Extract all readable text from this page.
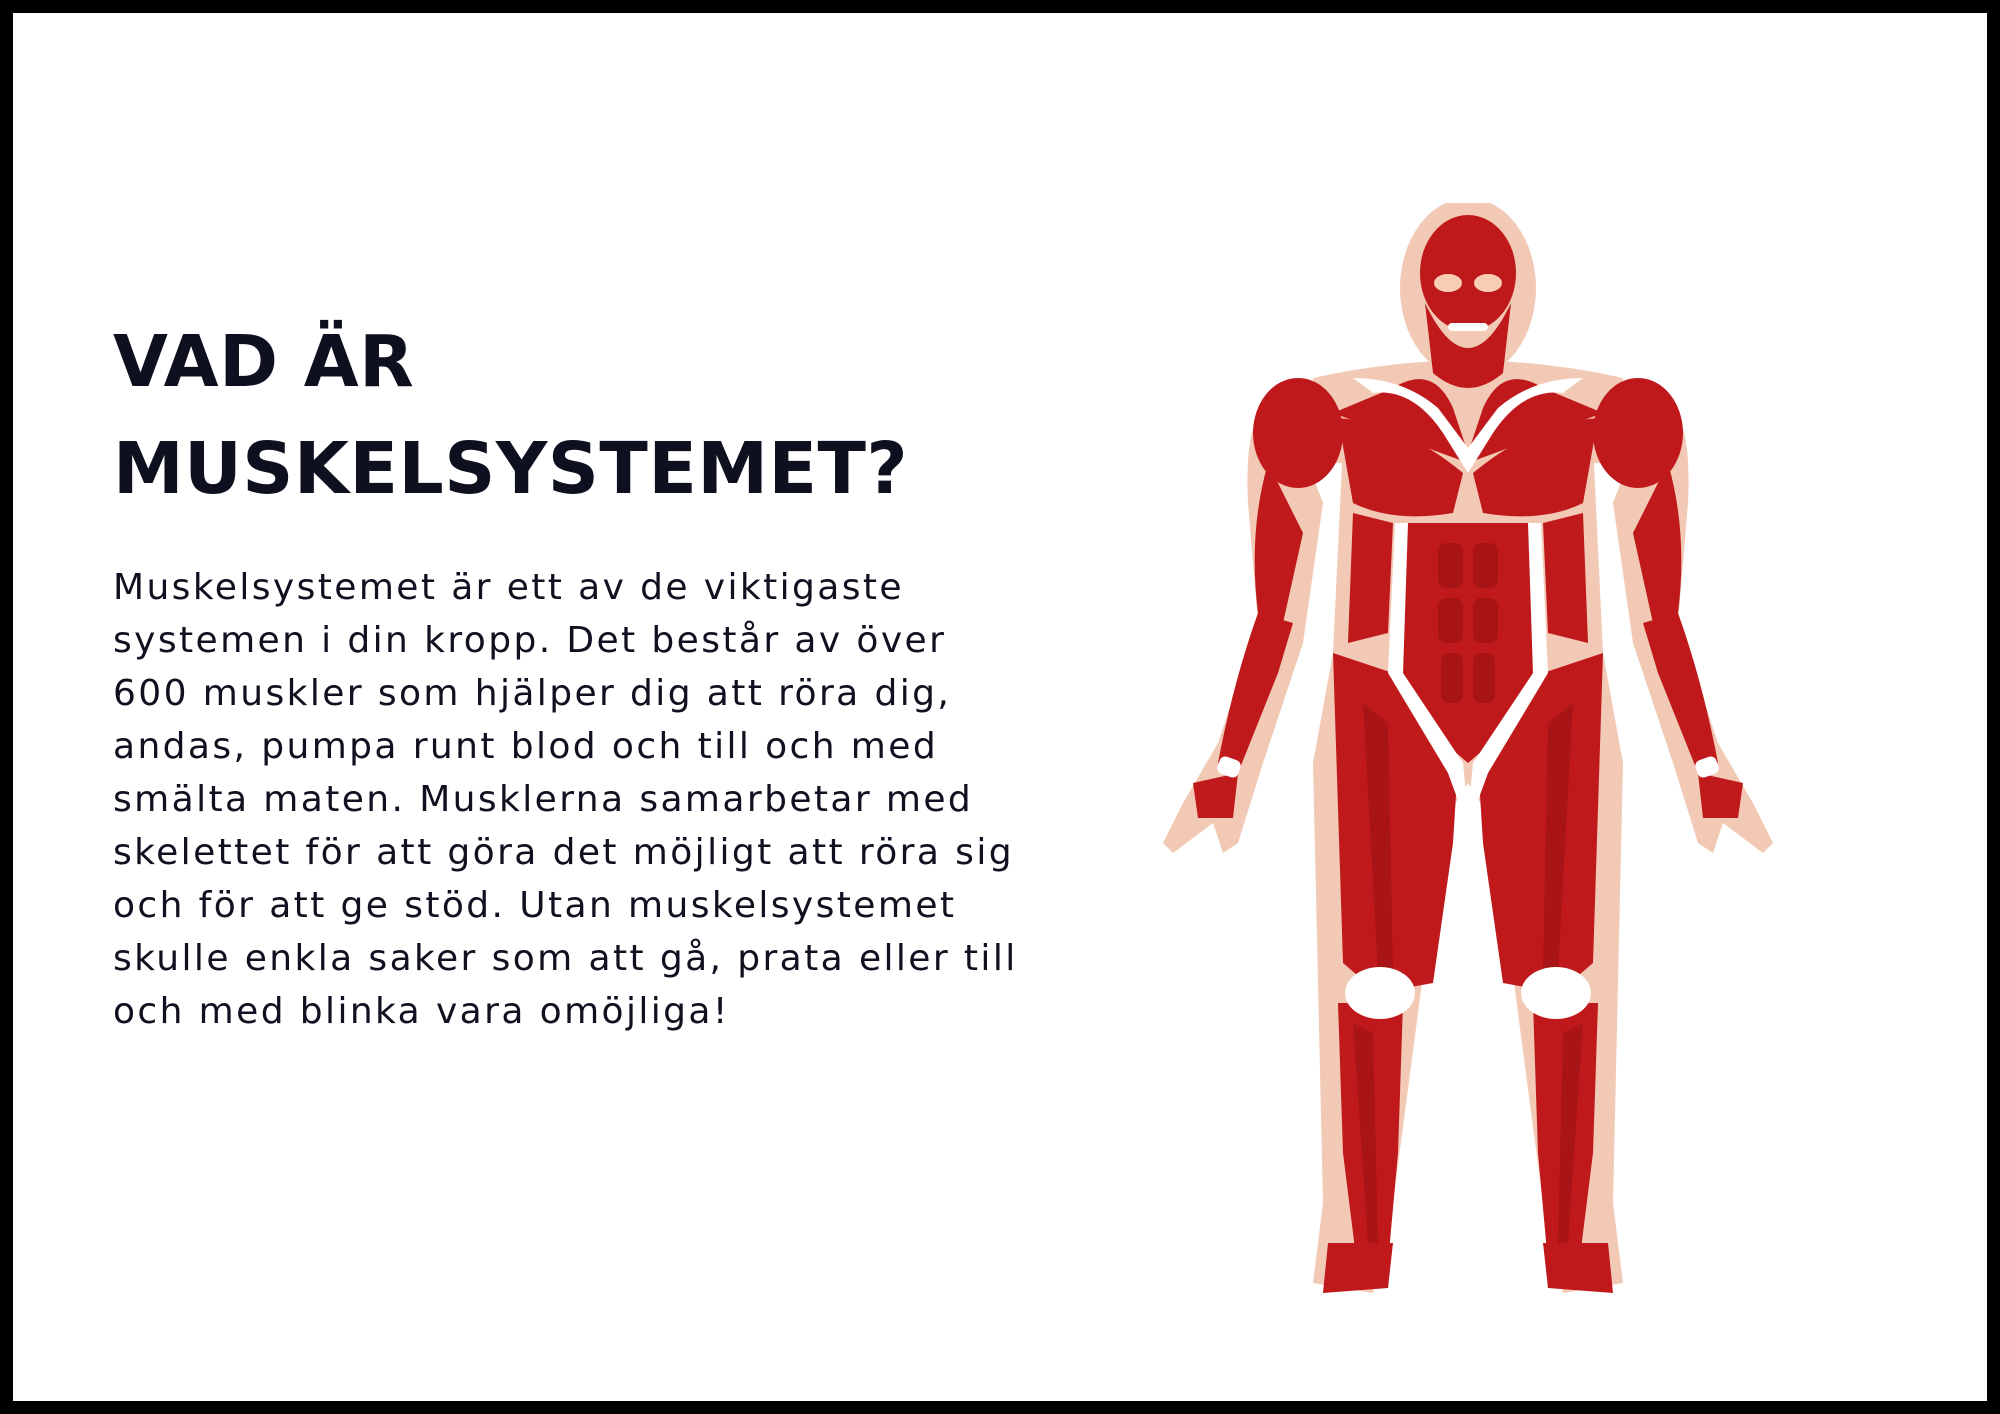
VAD ÄR
MUSKELSYSTEMET?

Muskelsystemet är ett av de viktigaste systemen i din kropp. Det består av över 600 muskler som hjälper dig att röra dig, andas, pumpa runt blod och till och med smälta maten. Musklerna samarbetar med skelettet för att göra det möjligt att röra sig och för att ge stöd. Utan muskelsystemet skulle enkla saker som att gå, prata eller till och med blinka vara omöjliga!
